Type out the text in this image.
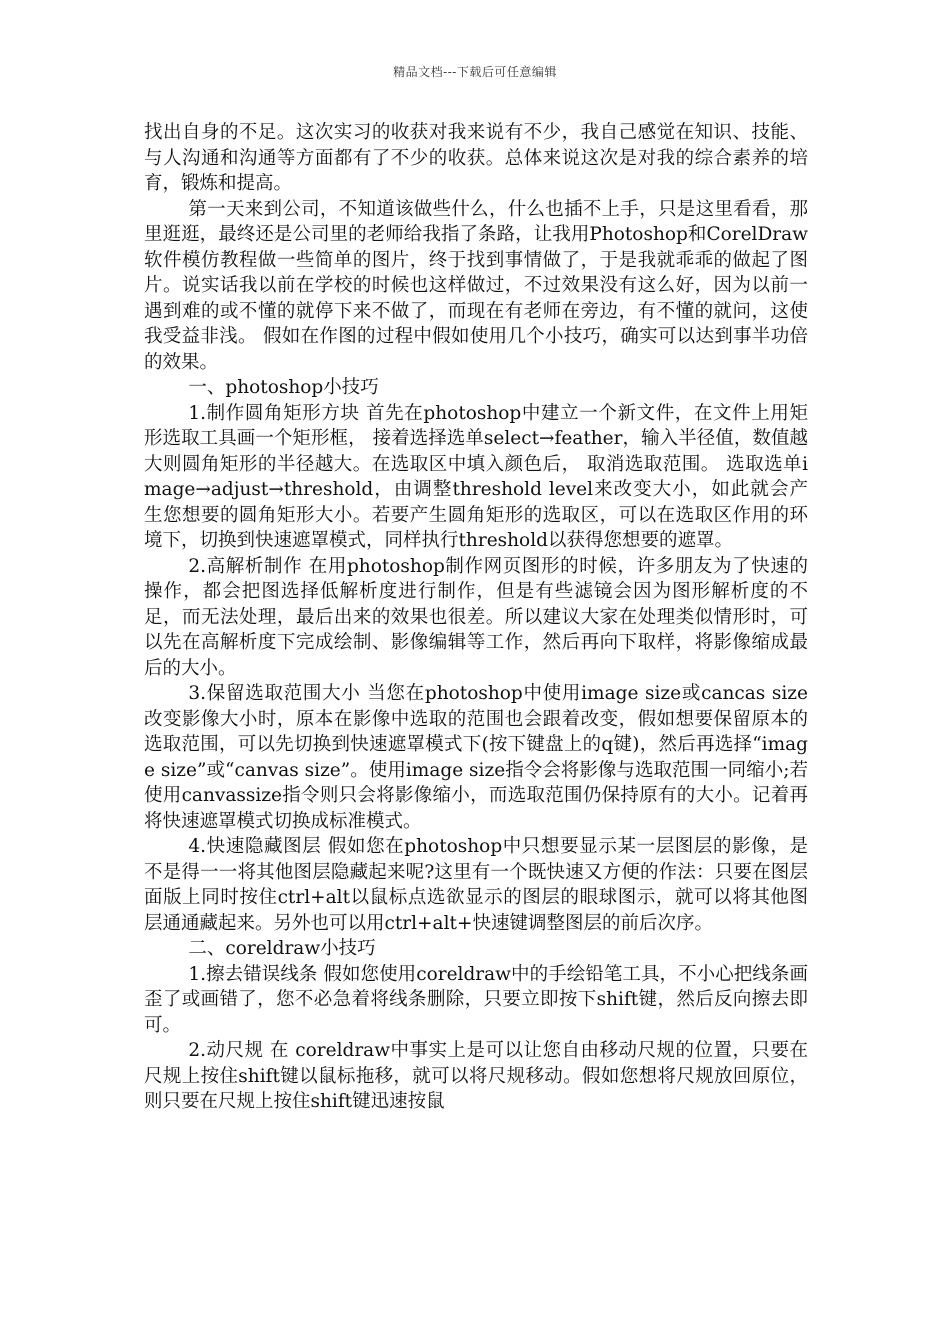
精品文档---下载后可任意编辑

找出自身的不足。这次实习的收获对我来说有不少，我自己感觉在知识、技能、与人沟通和沟通等方面都有了不少的收获。总体来说这次是对我的综合素养的培育，锻炼和提高。

第一天来到公司，不知道该做些什么，什么也插不上手，只是这里看看，那里逛逛，最终还是公司里的老师给我指了条路，让我用Photoshop和CorelDraw软件模仿教程做一些简单的图片，终于找到事情做了，于是我就乖乖的做起了图片。说实话我以前在学校的时候也这样做过，不过效果没有这么好，因为以前一遇到难的或不懂的就停下来不做了，而现在有老师在旁边，有不懂的就问，这使我受益非浅。 假如在作图的过程中假如使用几个小技巧，确实可以达到事半功倍的效果。

一、photoshop小技巧

1.制作圆角矩形方块 首先在photoshop中建立一个新文件，在文件上用矩形选取工具画一个矩形框， 接着选择选单select→feather，输入半径值，数值越大则圆角矩形的半径越大。在选取区中填入颜色后， 取消选取范围。 选取选单image→adjust→threshold，由调整threshold level来改变大小，如此就会产生您想要的圆角矩形大小。若要产生圆角矩形的选取区，可以在选取区作用的环境下，切换到快速遮罩模式，同样执行threshold以获得您想要的遮罩。

2.高解析制作 在用photoshop制作网页图形的时候，许多朋友为了快速的操作，都会把图选择低解析度进行制作，但是有些滤镜会因为图形解析度的不足，而无法处理，最后出来的效果也很差。所以建议大家在处理类似情形时，可以先在高解析度下完成绘制、影像编辑等工作，然后再向下取样，将影像缩成最后的大小。

3.保留选取范围大小 当您在photoshop中使用image size或cancas size改变影像大小时，原本在影像中选取的范围也会跟着改变，假如想要保留原本的选取范围，可以先切换到快速遮罩模式下(按下键盘上的q键)，然后再选择“image size”或“canvas size”。使用image size指令会将影像与选取范围一同缩小;若使用canvassize指令则只会将影像缩小，而选取范围仍保持原有的大小。记着再将快速遮罩模式切换成标准模式。

4.快速隐藏图层 假如您在photoshop中只想要显示某一层图层的影像，是不是得一一将其他图层隐藏起来呢?这里有一个既快速又方便的作法：只要在图层面版上同时按住ctrl+alt以鼠标点选欲显示的图层的眼球图示，就可以将其他图层通通藏起来。另外也可以用ctrl+alt+快速键调整图层的前后次序。

二、coreldraw小技巧

1.擦去错误线条 假如您使用coreldraw中的手绘铅笔工具，不小心把线条画歪了或画错了，您不必急着将线条删除，只要立即按下shift键，然后反向擦去即可。

2.动尺规 在 coreldraw中事实上是可以让您自由移动尺规的位置，只要在尺规上按住shift键以鼠标拖移，就可以将尺规移动。假如您想将尺规放回原位，则只要在尺规上按住shift键迅速按鼠
